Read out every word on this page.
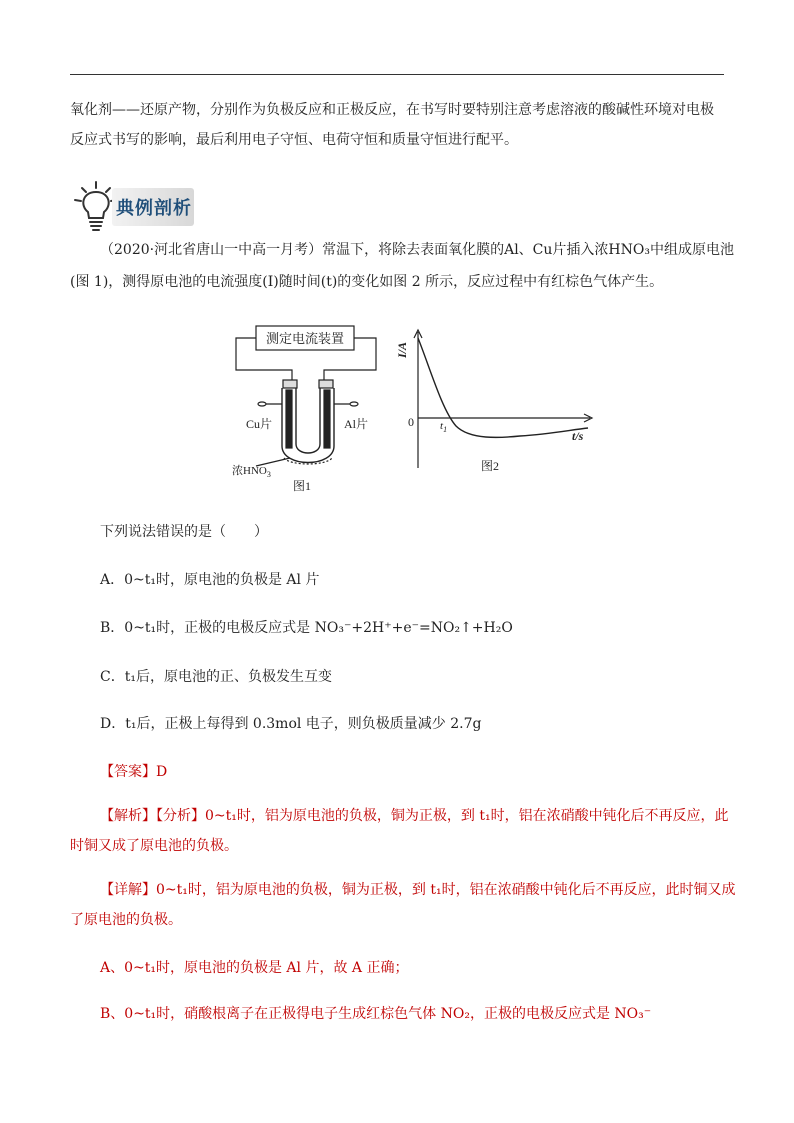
氧化剂——还原产物，分别作为负极反应和正极反应，在书写时要特别注意考虑溶液的酸碱性环境对电极
反应式书写的影响，最后利用电子守恒、电荷守恒和质量守恒进行配平。
典例剖析
（2020·河北省唐山一中高一月考）常温下，将除去表面氧化膜的Al、Cu片插入浓HNO₃中组成原电池
(图 1)，测得原电池的电流强度(I)随时间(t)的变化如图 2 所示，反应过程中有红棕色气体产生。
测定电流装置
Cu片	Al片
浓$HNO_3$
图1
I/A
0 $t_1$	t/s
图2
下列说法错误的是（　　）
A．0~t₁时，原电池的负极是 Al 片
B．0~t₁时，正极的电极反应式是 NO₃⁻+2H⁺+e⁻=NO₂↑+H₂O
C．t₁后，原电池的正、负极发生互变
D．t₁后，正极上每得到 0.3mol 电子，则负极质量减少 2.7g
【答案】D
【解析】【分析】0~t₁时，铝为原电池的负极，铜为正极，到 t₁时，铝在浓硝酸中钝化后不再反应，此
时铜又成了原电池的负极。
【详解】0~t₁时，铝为原电池的负极，铜为正极，到 t₁时，铝在浓硝酸中钝化后不再反应，此时铜又成
了原电池的负极。
A、0~t₁时，原电池的负极是 Al 片，故 A 正确；
B、0~t₁时，硝酸根离子在正极得电子生成红棕色气体 NO₂，正极的电极反应式是 NO₃⁻
